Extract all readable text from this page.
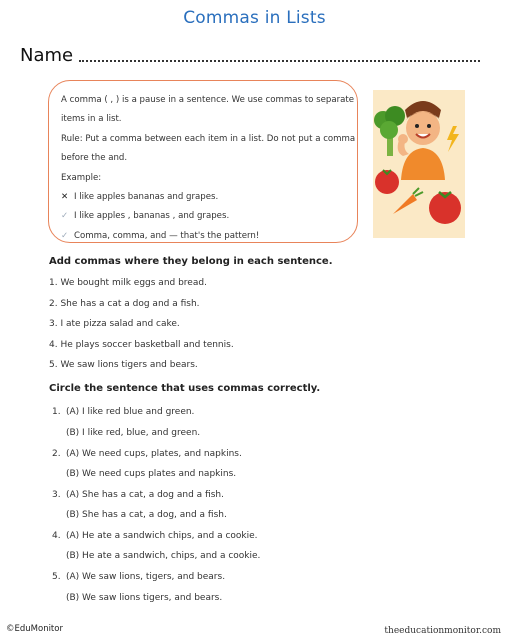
Commas in Lists
Name
A comma ( , ) is a pause in a sentence. We use commas to separate
items in a list.
Rule: Put a comma between each item in a list. Do not put a comma
before the and.
Example:
✕ I like apples bananas and grapes.
✓ I like apples , bananas , and grapes.
✓ Comma, comma, and — that's the pattern!
Add commas where they belong in each sentence.
1. We bought milk eggs and bread.
2. She has a cat a dog and a fish.
3. I ate pizza salad and cake.
4. He plays soccer basketball and tennis.
5. We saw lions tigers and bears.
Circle the sentence that uses commas correctly.
1. (A) I like red blue and green.
(B) I like red, blue, and green.
2. (A) We need cups, plates, and napkins.
(B) We need cups plates and napkins.
3. (A) She has a cat, a dog and a fish.
(B) She has a cat, a dog, and a fish.
4. (A) He ate a sandwich chips, and a cookie.
(B) He ate a sandwich, chips, and a cookie.
5. (A) We saw lions, tigers, and bears.
(B) We saw lions tigers, and bears.
©EduMonitor	theeducationmonitor.com
